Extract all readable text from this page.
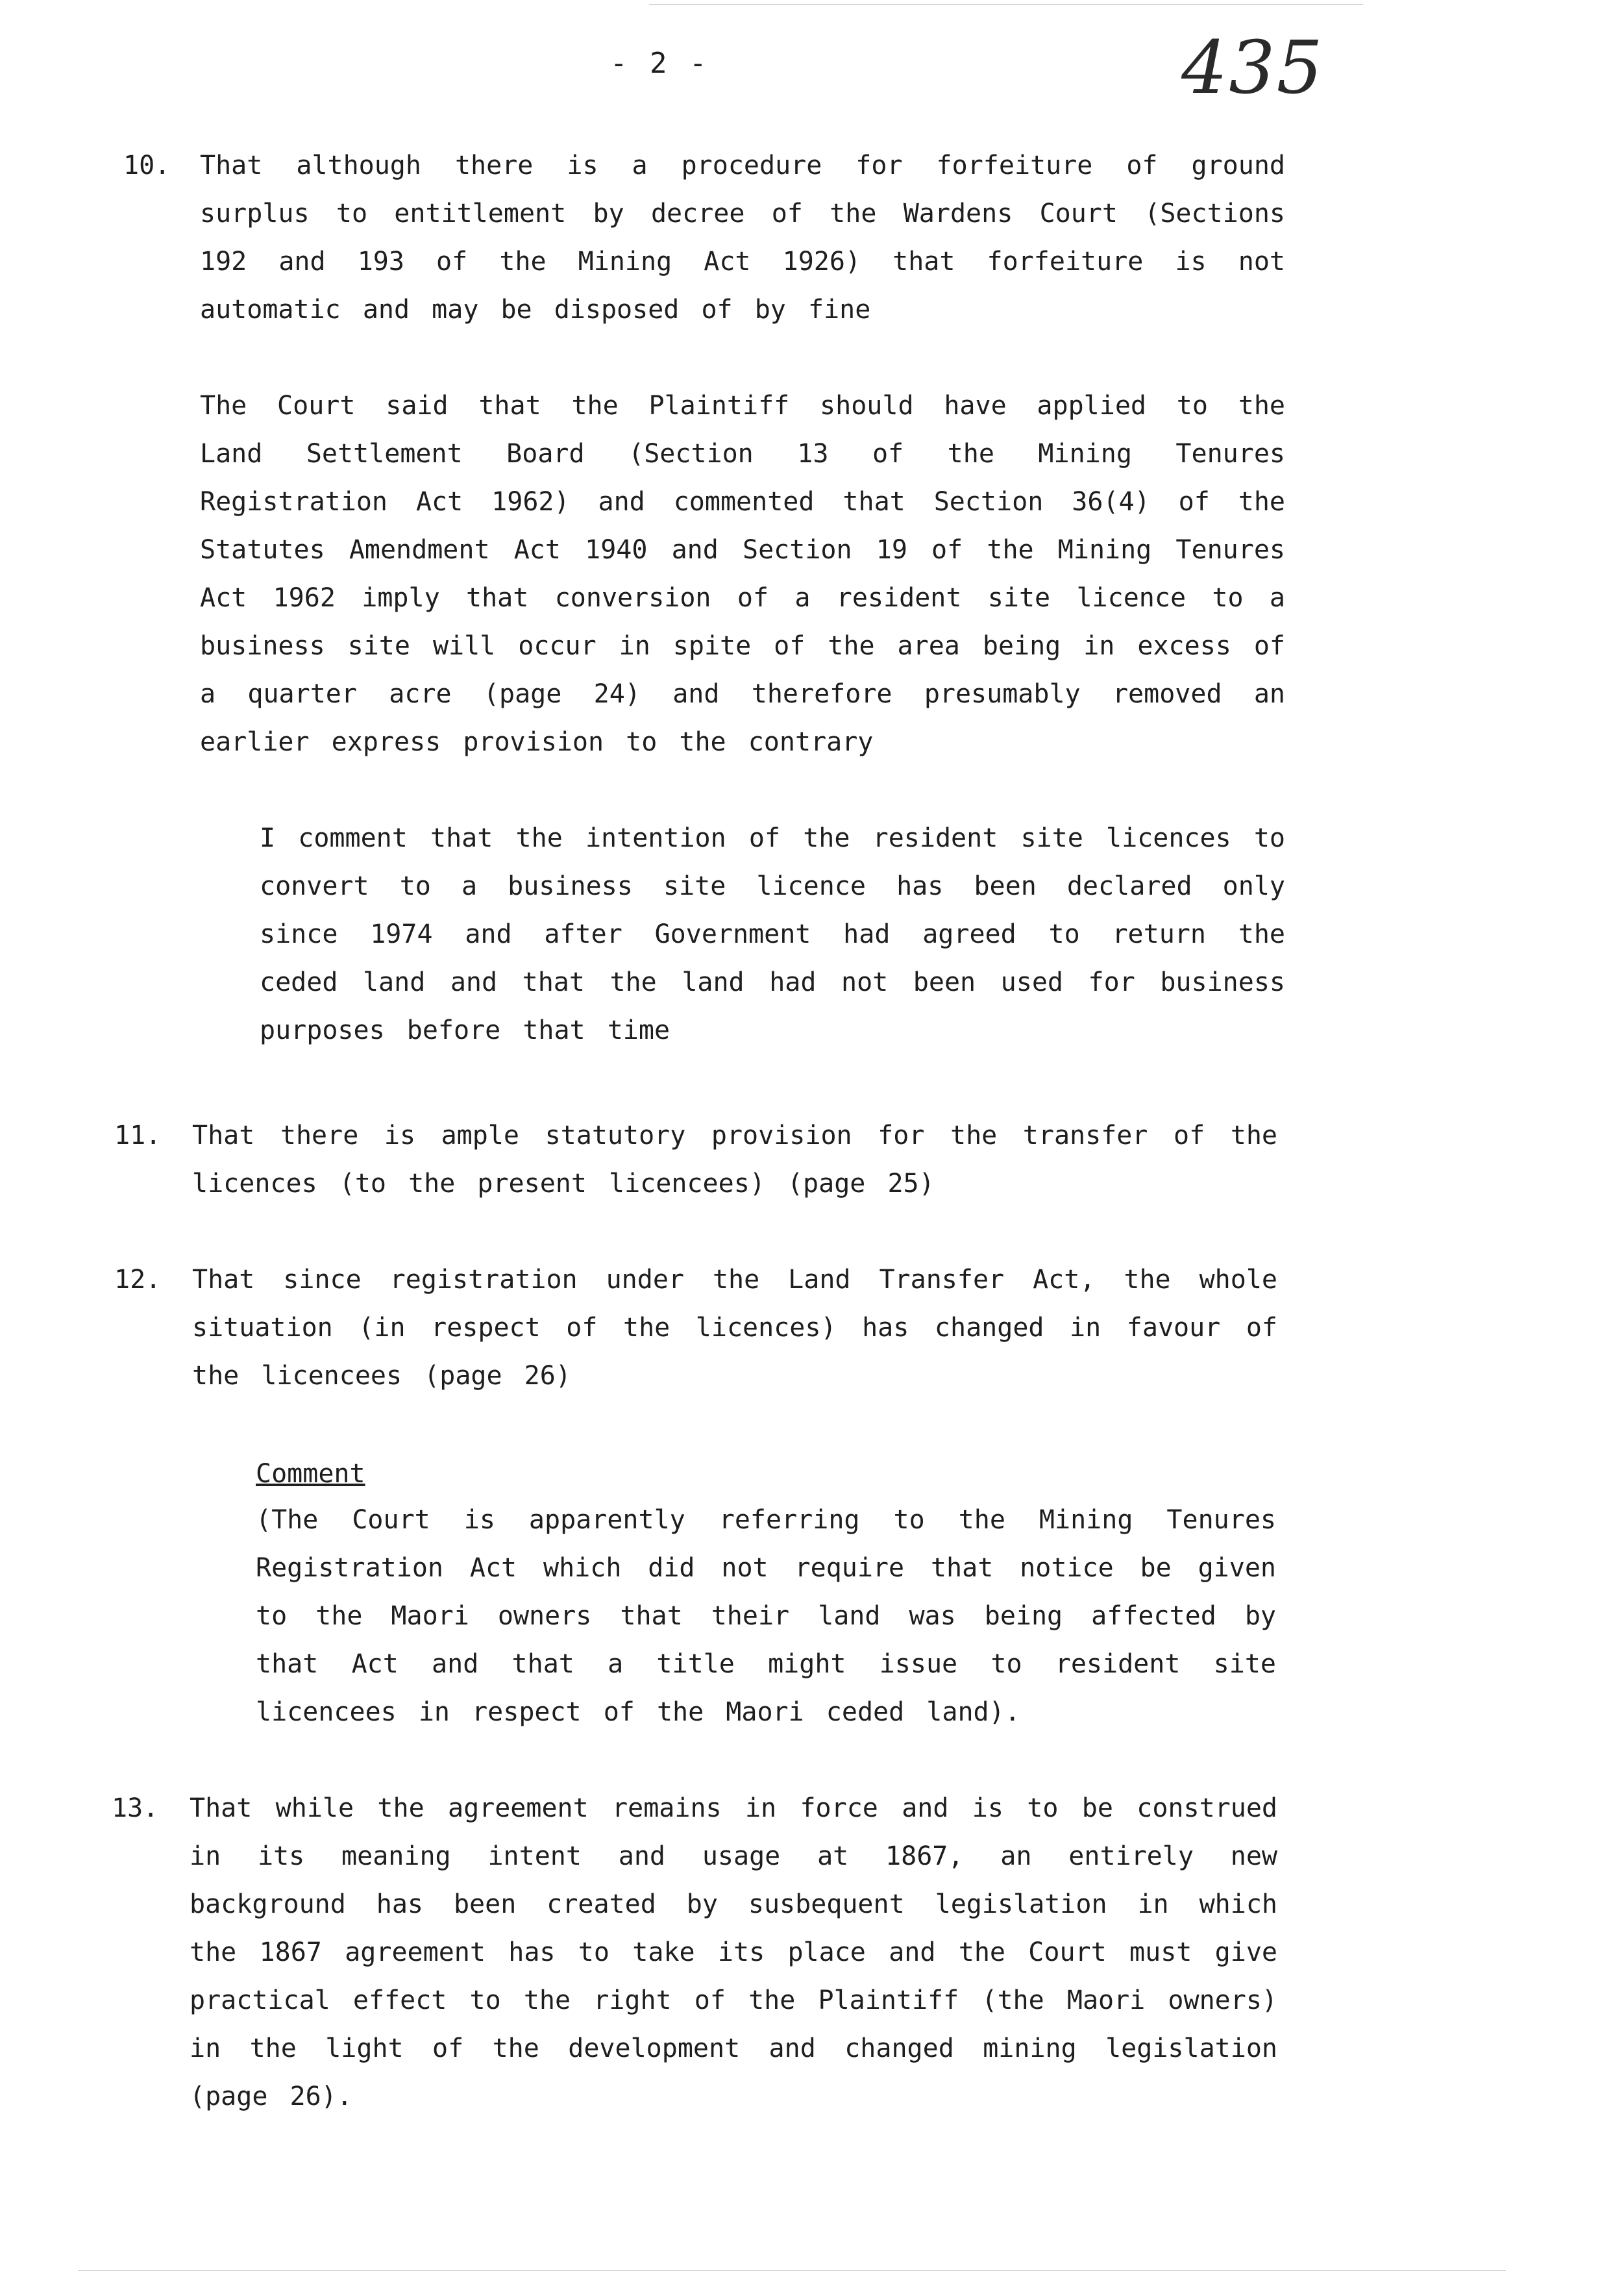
- 2 -	435
10. That although there is a procedure for forfeiture of ground surplus to entitlement by decree of the Wardens Court (Sections 192 and 193 of the Mining Act 1926) that forfeiture is not automatic and may be disposed of by fine
The Court said that the Plaintiff should have applied to the Land Settlement Board (Section 13 of the Mining Tenures Registration Act 1962) and commented that Section 36(4) of the Statutes Amendment Act 1940 and Section 19 of the Mining Tenures Act 1962 imply that conversion of a resident site licence to a business site will occur in spite of the area being in excess of a quarter acre (page 24) and therefore presumably removed an earlier express provision to the contrary
I comment that the intention of the resident site licences to convert to a business site licence has been declared only since 1974 and after Government had agreed to return the ceded land and that the land had not been used for business purposes before that time
11. That there is ample statutory provision for the transfer of the licences (to the present licencees) (page 25)
12. That since registration under the Land Transfer Act, the whole situation (in respect of the licences) has changed in favour of the licencees (page 26)
Comment
(The Court is apparently referring to the Mining Tenures Registration Act which did not require that notice be given to the Maori owners that their land was being affected by that Act and that a title might issue to resident site licencees in respect of the Maori ceded land).
13. That while the agreement remains in force and is to be construed in its meaning intent and usage at 1867, an entirely new background has been created by susbequent legislation in which the 1867 agreement has to take its place and the Court must give practical effect to the right of the Plaintiff (the Maori owners) in the light of the development and changed mining legislation (page 26).
